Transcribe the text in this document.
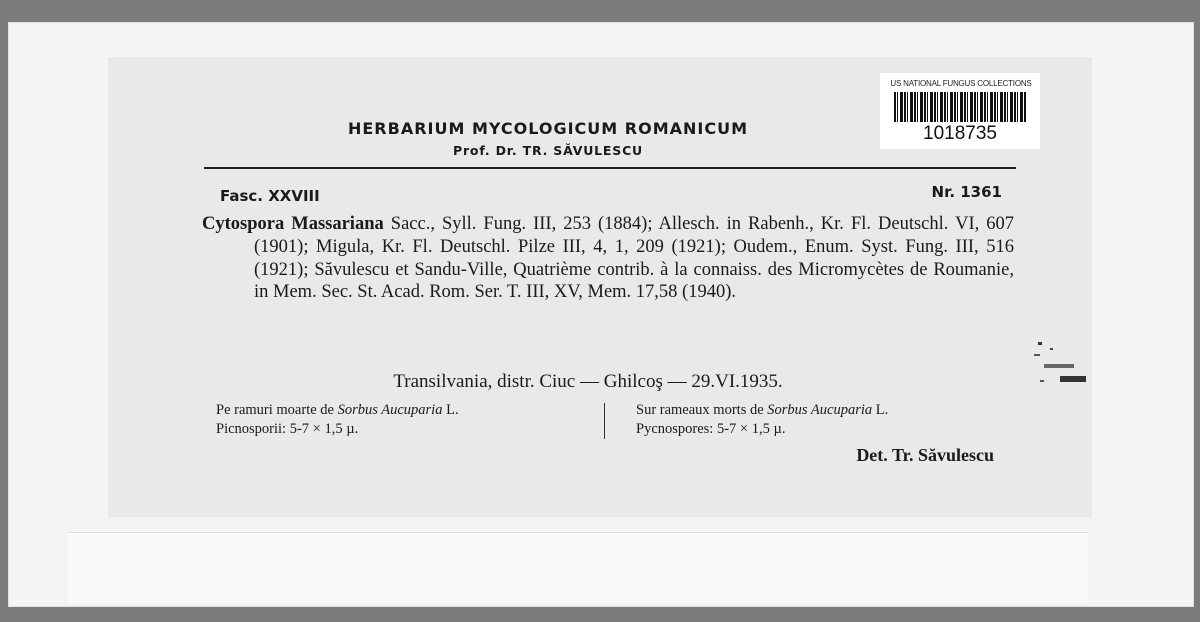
US NATIONAL FUNGUS COLLECTIONS
1018735
HERBARIUM MYCOLOGICUM ROMANICUM
Prof. Dr. TR. SĂVULESCU
Fasc. XXVIII	Nr. 1361
Cytospora Massariana Sacc., Syll. Fung. III, 253 (1884); Allesch. in Rabenh., Kr. Fl. Deutschl. VI, 607 (1901); Migula, Kr. Fl. Deutschl. Pilze III, 4, 1, 209 (1921); Oudem., Enum. Syst. Fung. III, 516 (1921); Săvulescu et Sandu-Ville, Quatrième contrib. à la connaiss. des Micromycètes de Roumanie, in Mem. Sec. St. Acad. Rom. Ser. T. III, XV, Mem. 17,58 (1940).
Transilvania, distr. Ciuc — Ghilcoş — 29.VI.1935.
Pe ramuri moarte de Sorbus Aucuparia L.
Picnosporii: 5-7 × 1,5 µ.
Sur rameaux morts de Sorbus Aucuparia L.
Pycnospores: 5-7 × 1,5 µ.
Det. Tr. Săvulescu
